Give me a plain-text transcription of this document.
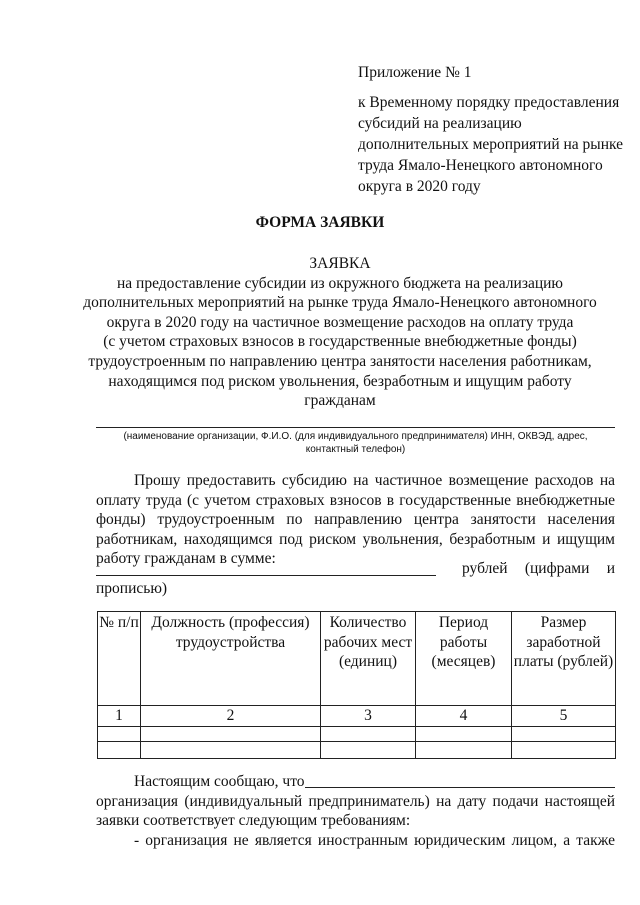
Приложение № 1
к Временному порядку предоставления
субсидий на реализацию
дополнительных мероприятий на рынке
труда Ямало-Ненецкого автономного
округа в 2020 году
ФОРМА ЗАЯВКИ
ЗАЯВКА
на предоставление субсидии из окружного бюджета на реализацию
дополнительных мероприятий на рынке труда Ямало-Ненецкого автономного
округа в 2020 году на частичное возмещение расходов на оплату труда
(с учетом страховых взносов в государственные внебюджетные фонды)
трудоустроенным по направлению центра занятости населения работникам,
находящимся под риском увольнения, безработным и ищущим работу
гражданам
(наименование организации, Ф.И.О. (для индивидуального предпринимателя) ИНН, ОКВЭД, адрес,
контактный телефон)
Прошу предоставить субсидию на частичное возмещение расходов на
оплату труда (с учетом страховых взносов в государственные внебюджетные
фонды) трудоустроенным по направлению центра занятости населения
работникам, находящимся под риском увольнения, безработным и ищущим
работу гражданам в сумме:
рублей (цифрами и
прописью)
№ п/п	Должность (профессия) трудоустройства	Количество рабочих мест (единиц)	Период работы (месяцев)	Размер заработной платы (рублей)
1	2	3	4	5

Настоящим сообщаю, что
организация (индивидуальный предприниматель) на дату подачи настоящей
заявки соответствует следующим требованиям:
- организация не является иностранным юридическим лицом, а также
